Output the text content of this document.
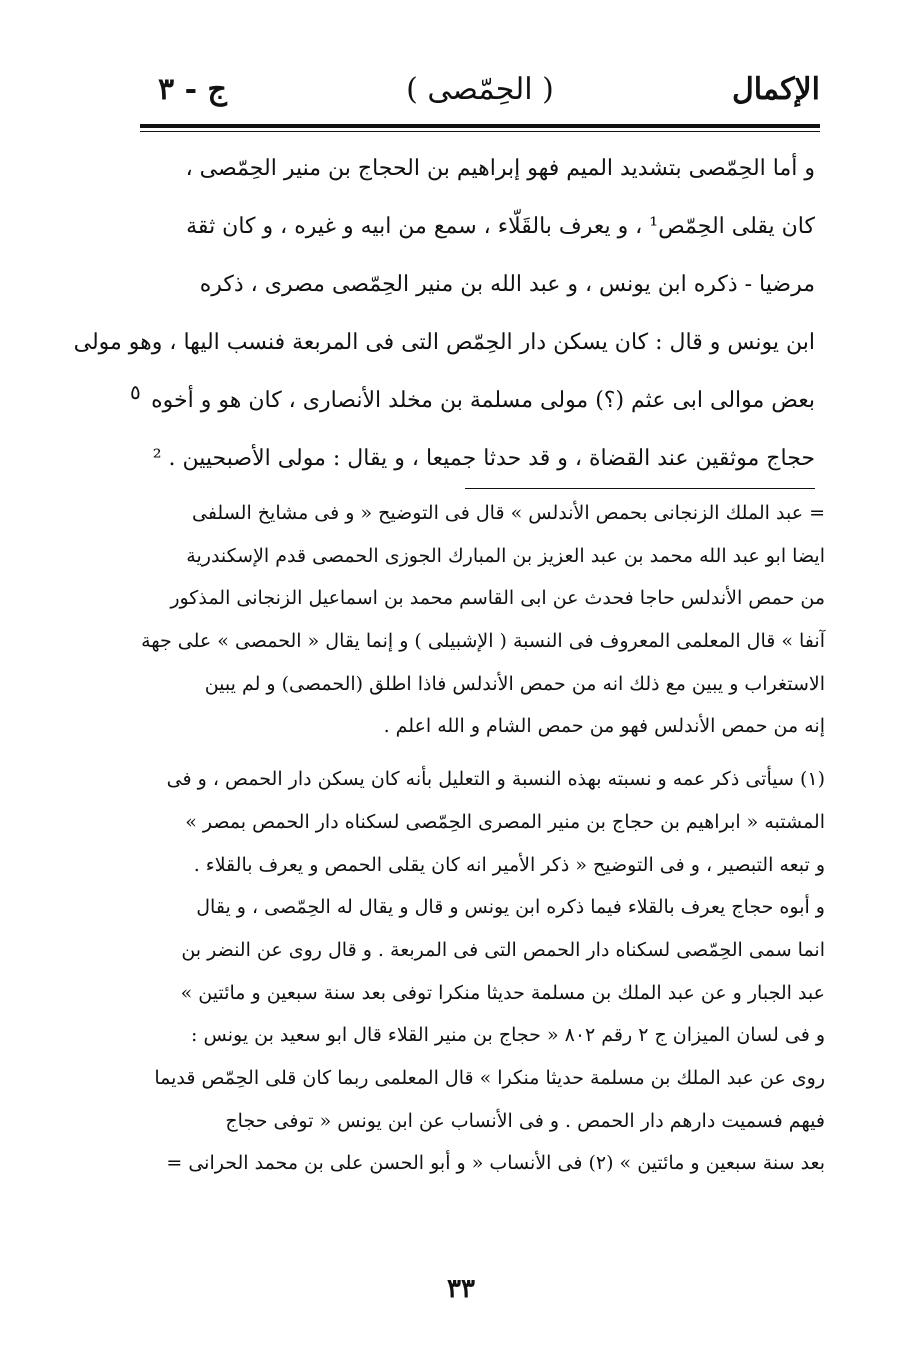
الإكمال
( الحِمّصى )
ج - ٣
و أما الحِمّصى بتشديد الميم فهو إبراهيم بن الحجاج بن منير الحِمّصى ،
كان يقلى الحِمّص¹ ، و يعرف بالقَلّاء ، سمع من ابيه و غيره ، و كان ثقة
مرضيا - ذكره ابن يونس ، و عبد الله بن منير الحِمّصى مصرى ، ذكره
ابن يونس و قال : كان يسكن دار الحِمّص التى فى المربعة فنسب اليها ، وهو مولى
بعض موالى ابى عثم (؟) مولى مسلمة بن مخلد الأنصارى ، كان هو و أخوه
حجاج موثقين عند القضاة ، و قد حدثا جميعا ، و يقال : مولى الأصبحيين . ²
٥
= عبد الملك الزنجانى بحمص الأندلس » قال فى التوضيح « و فى مشايخ السلفى
ايضا ابو عبد الله محمد بن عبد العزيز بن المبارك الجوزى الحمصى قدم الإسكندرية
من حمص الأندلس حاجا فحدث عن ابى القاسم محمد بن اسماعيل الزنجانى المذكور
آنفا » قال المعلمى المعروف فى النسبة ( الإشبيلى ) و إنما يقال « الحمصى » على جهة
الاستغراب و يبين مع ذلك انه من حمص الأندلس فاذا اطلق (الحمصى) و لم يبين
إنه من حمص الأندلس فهو من حمص الشام و الله اعلم .
(١) سيأتى ذكر عمه و نسبته بهذه النسبة و التعليل بأنه كان يسكن دار الحمص ، و فى
المشتبه « ابراهيم بن حجاج بن منير المصرى الحِمّصى لسكناه دار الحمص بمصر »
و تبعه التبصير ، و فى التوضيح « ذكر الأمير انه كان يقلى الحمص و يعرف بالقلاء .
و أبوه حجاج يعرف بالقلاء فيما ذكره ابن يونس و قال و يقال له الحِمّصى ، و يقال
انما سمى الحِمّصى لسكناه دار الحمص التى فى المربعة . و قال روى عن النضر بن
عبد الجبار و عن عبد الملك بن مسلمة حديثا منكرا توفى بعد سنة سبعين و مائتين »
و فى لسان الميزان ج ٢ رقم ٨٠٢ « حجاج بن منير القلاء قال ابو سعيد بن يونس :
روى عن عبد الملك بن مسلمة حديثا منكرا » قال المعلمى ربما كان قلى الحِمّص قديما
فيهم فسميت دارهم دار الحمص . و فى الأنساب عن ابن يونس « توفى حجاج
بعد سنة سبعين و مائتين » (٢) فى الأنساب « و أبو الحسن على بن محمد الحرانى =
٣٣
